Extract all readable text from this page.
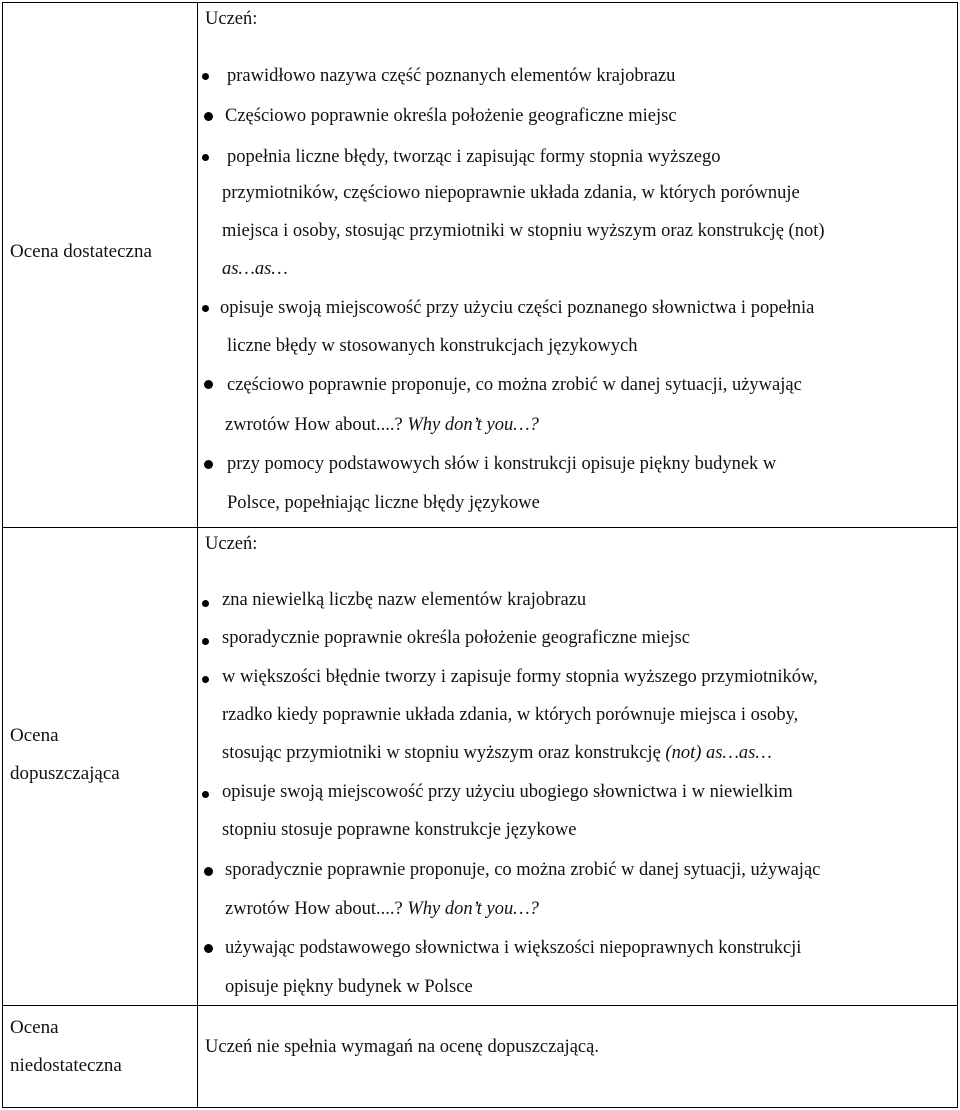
Ocena dostateczna
Uczeń:
prawidłowo nazywa część poznanych elementów krajobrazu
Częściowo poprawnie określa położenie geograficzne miejsc
popełnia liczne błędy, tworząc i zapisując formy stopnia wyższego
przymiotników, częściowo niepoprawnie układa zdania, w których porównuje
miejsca i osoby, stosując przymiotniki w stopniu wyższym oraz konstrukcję (not)
as…as…
opisuje swoją miejscowość przy użyciu części poznanego słownictwa i popełnia
liczne błędy w stosowanych konstrukcjach językowych
częściowo poprawnie proponuje, co można zrobić w danej sytuacji, używając
zwrotów How about....? Why don’t you…?
przy pomocy podstawowych słów i konstrukcji opisuje piękny budynek w
Polsce, popełniając liczne błędy językowe
Ocena
dopuszczająca
Uczeń:
zna niewielką liczbę nazw elementów krajobrazu
sporadycznie poprawnie określa położenie geograficzne miejsc
w większości błędnie tworzy i zapisuje formy stopnia wyższego przymiotników,
rzadko kiedy poprawnie układa zdania, w których porównuje miejsca i osoby,
stosując przymiotniki w stopniu wyższym oraz konstrukcję (not) as…as…
opisuje swoją miejscowość przy użyciu ubogiego słownictwa i w niewielkim
stopniu stosuje poprawne konstrukcje językowe
sporadycznie poprawnie proponuje, co można zrobić w danej sytuacji, używając
zwrotów How about....? Why don’t you…?
używając podstawowego słownictwa i większości niepoprawnych konstrukcji
opisuje piękny budynek w Polsce
Ocena
niedostateczna
Uczeń nie spełnia wymagań na ocenę dopuszczającą.
